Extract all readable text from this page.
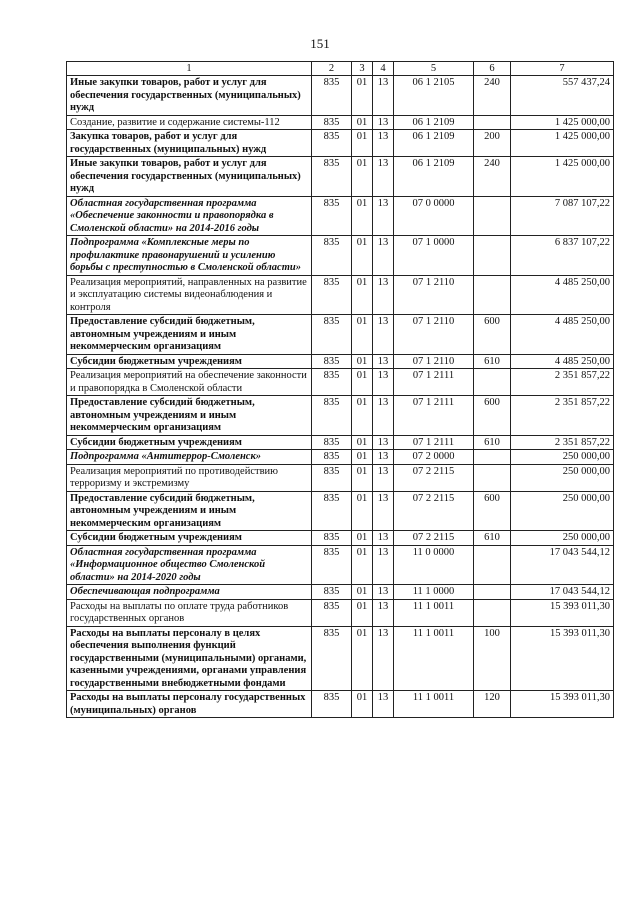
151
1	2	3	4	5	6	7
Иные закупки товаров, работ и услуг для обеспечения государственных (муниципальных) нужд	835	01	13	06 1 2105	240	557 437,24
Создание, развитие и содержание системы-112	835	01	13	06 1 2109		1 425 000,00
Закупка товаров, работ и услуг для государственных (муниципальных) нужд	835	01	13	06 1 2109	200	1 425 000,00
Иные закупки товаров, работ и услуг для обеспечения государственных (муниципальных) нужд	835	01	13	06 1 2109	240	1 425 000,00
Областная государственная программа «Обеспечение законности и правопорядка в Смоленской области» на 2014-2016 годы	835	01	13	07 0 0000		7 087 107,22
Подпрограмма «Комплексные меры по профилактике правонарушений и усилению борьбы с преступностью в Смоленской области»	835	01	13	07 1 0000		6 837 107,22
Реализация мероприятий, направленных на развитие и эксплуатацию системы видеонаблюдения и контроля	835	01	13	07 1 2110		4 485 250,00
Предоставление субсидий бюджетным, автономным учреждениям и иным некоммерческим организациям	835	01	13	07 1 2110	600	4 485 250,00
Субсидии бюджетным учреждениям	835	01	13	07 1 2110	610	4 485 250,00
Реализация мероприятий на обеспечение законности и правопорядка в Смоленской области	835	01	13	07 1 2111		2 351 857,22
Предоставление субсидий бюджетным, автономным учреждениям и иным некоммерческим организациям	835	01	13	07 1 2111	600	2 351 857,22
Субсидии бюджетным учреждениям	835	01	13	07 1 2111	610	2 351 857,22
Подпрограмма «Антитеррор-Смоленск»	835	01	13	07 2 0000		250 000,00
Реализация мероприятий по противодействию терроризму и экстремизму	835	01	13	07 2 2115		250 000,00
Предоставление субсидий бюджетным, автономным учреждениям и иным некоммерческим организациям	835	01	13	07 2 2115	600	250 000,00
Субсидии бюджетным учреждениям	835	01	13	07 2 2115	610	250 000,00
Областная государственная программа «Информационное общество Смоленской области» на 2014-2020 годы	835	01	13	11 0 0000		17 043 544,12
Обеспечивающая подпрограмма	835	01	13	11 1 0000		17 043 544,12
Расходы на выплаты по оплате труда работников государственных органов	835	01	13	11 1 0011		15 393 011,30
Расходы на выплаты персоналу в целях обеспечения выполнения функций государственными (муниципальными) органами, казенными учреждениями, органами управления государственными внебюджетными фондами	835	01	13	11 1 0011	100	15 393 011,30
Расходы на выплаты персоналу государственных (муниципальных) органов	835	01	13	11 1 0011	120	15 393 011,30
